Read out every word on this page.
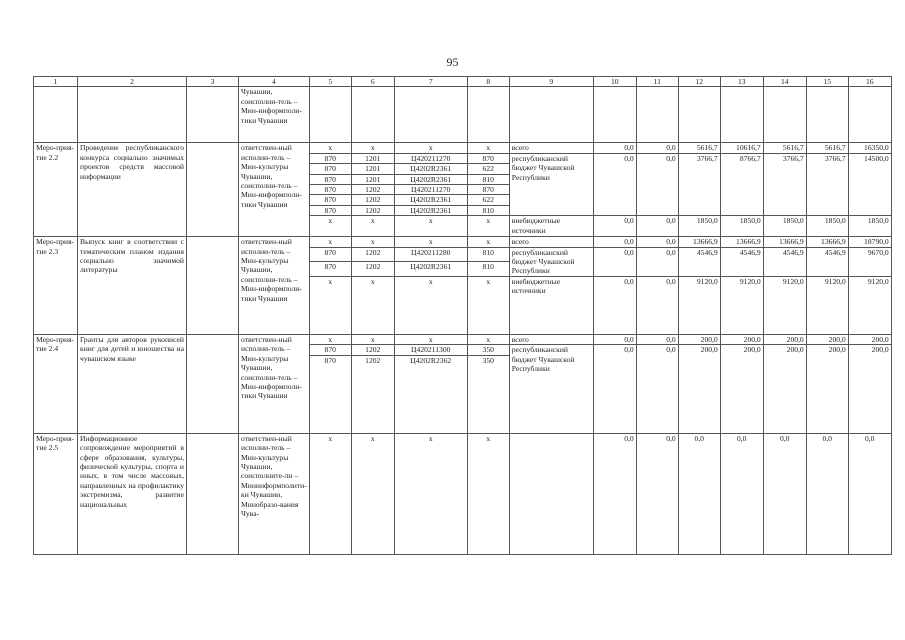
95
1	2	3	4	5	6	7	8	9	10	11	12	13	14	15	16
			Чувашии, соисполни-тель – Мин-информполи-тики Чувашии												
Меро-прия-тие 2.2	Проведение республиканского конкурса социально значимых проектов средств массовой информации		ответствен-ный исполни-тель – Мин-культуры Чувашии, соисполни-тель – Мин-информполи-тики Чувашии	х	х	х	х	всего	0,0	0,0	5616,7	10616,7	5616,7	5616,7	16350,0
				870	1201	Ц420211270	870	республиканский бюджет Чувашской Республики	0,0	0,0	3766,7	8766,7	3766,7	3766,7	14500,0
				870	1201	Ц4202R2361	622								
				870	1201	Ц4202R2361	810								
				870	1202	Ц420211270	870								
				870	1202	Ц4202R2361	622								
				870	1202	Ц4202R2361	810								
				х	х	х	х	внебюджетные источники	0,0	0,0	1850,0	1850,0	1850,0	1850,0	1850,0
Меро-прия-тие 2.3	Выпуск книг в соответствии с тематическим планом издания социально значимой литературы		ответствен-ный исполни-тель – Мин-культуры Чувашии, соисполни-тель – Мин-информполи-тики Чувашии	х	х	х	х	всего	0,0	0,0	13666,9	13666,9	13666,9	13666,9	18790,0
				870	1202	Ц420211280	810	республиканский бюджет Чувашской Республики	0,0	0,0	4546,9	4546,9	4546,9	4546,9	9670,0
				870	1202	Ц4202R2361	810								
				х	х	х	х	внебюджетные источники	0,0	0,0	9120,0	9120,0	9120,0	9120,0	9120,0
Меро-прия-тие 2.4	Гранты для авторов рукописей книг для детей и юношества на чувашском языке		ответствен-ный исполни-тель – Мин-культуры Чувашии, соисполни-тель – Мин-информполи-тики Чувашии	х	х	х	х	всего	0,0	0,0	200,0	200,0	200,0	200,0	200,0
				870	1202	Ц420211300	350	республиканский бюджет Чувашской Республики	0,0	0,0	200,0	200,0	200,0	200,0	200,0
				870	1202	Ц4202R2362	350								
Меро-прия-тие 2.5	Информационное сопровождение мероприятий в сфере образования, культуры, физической культуры, спорта и иных, в том числе массовых, направленных на профилактику экстремизма, развитие национальных		ответствен-ный исполни-тель – Мин-культуры Чувашии, соисполните-ли – Мининформполити-ки Чувашии, Минобразо-вания Чува-	х	х	х	х		0,0	0,0	0,0	0,0	0,0	0,0	0,0
